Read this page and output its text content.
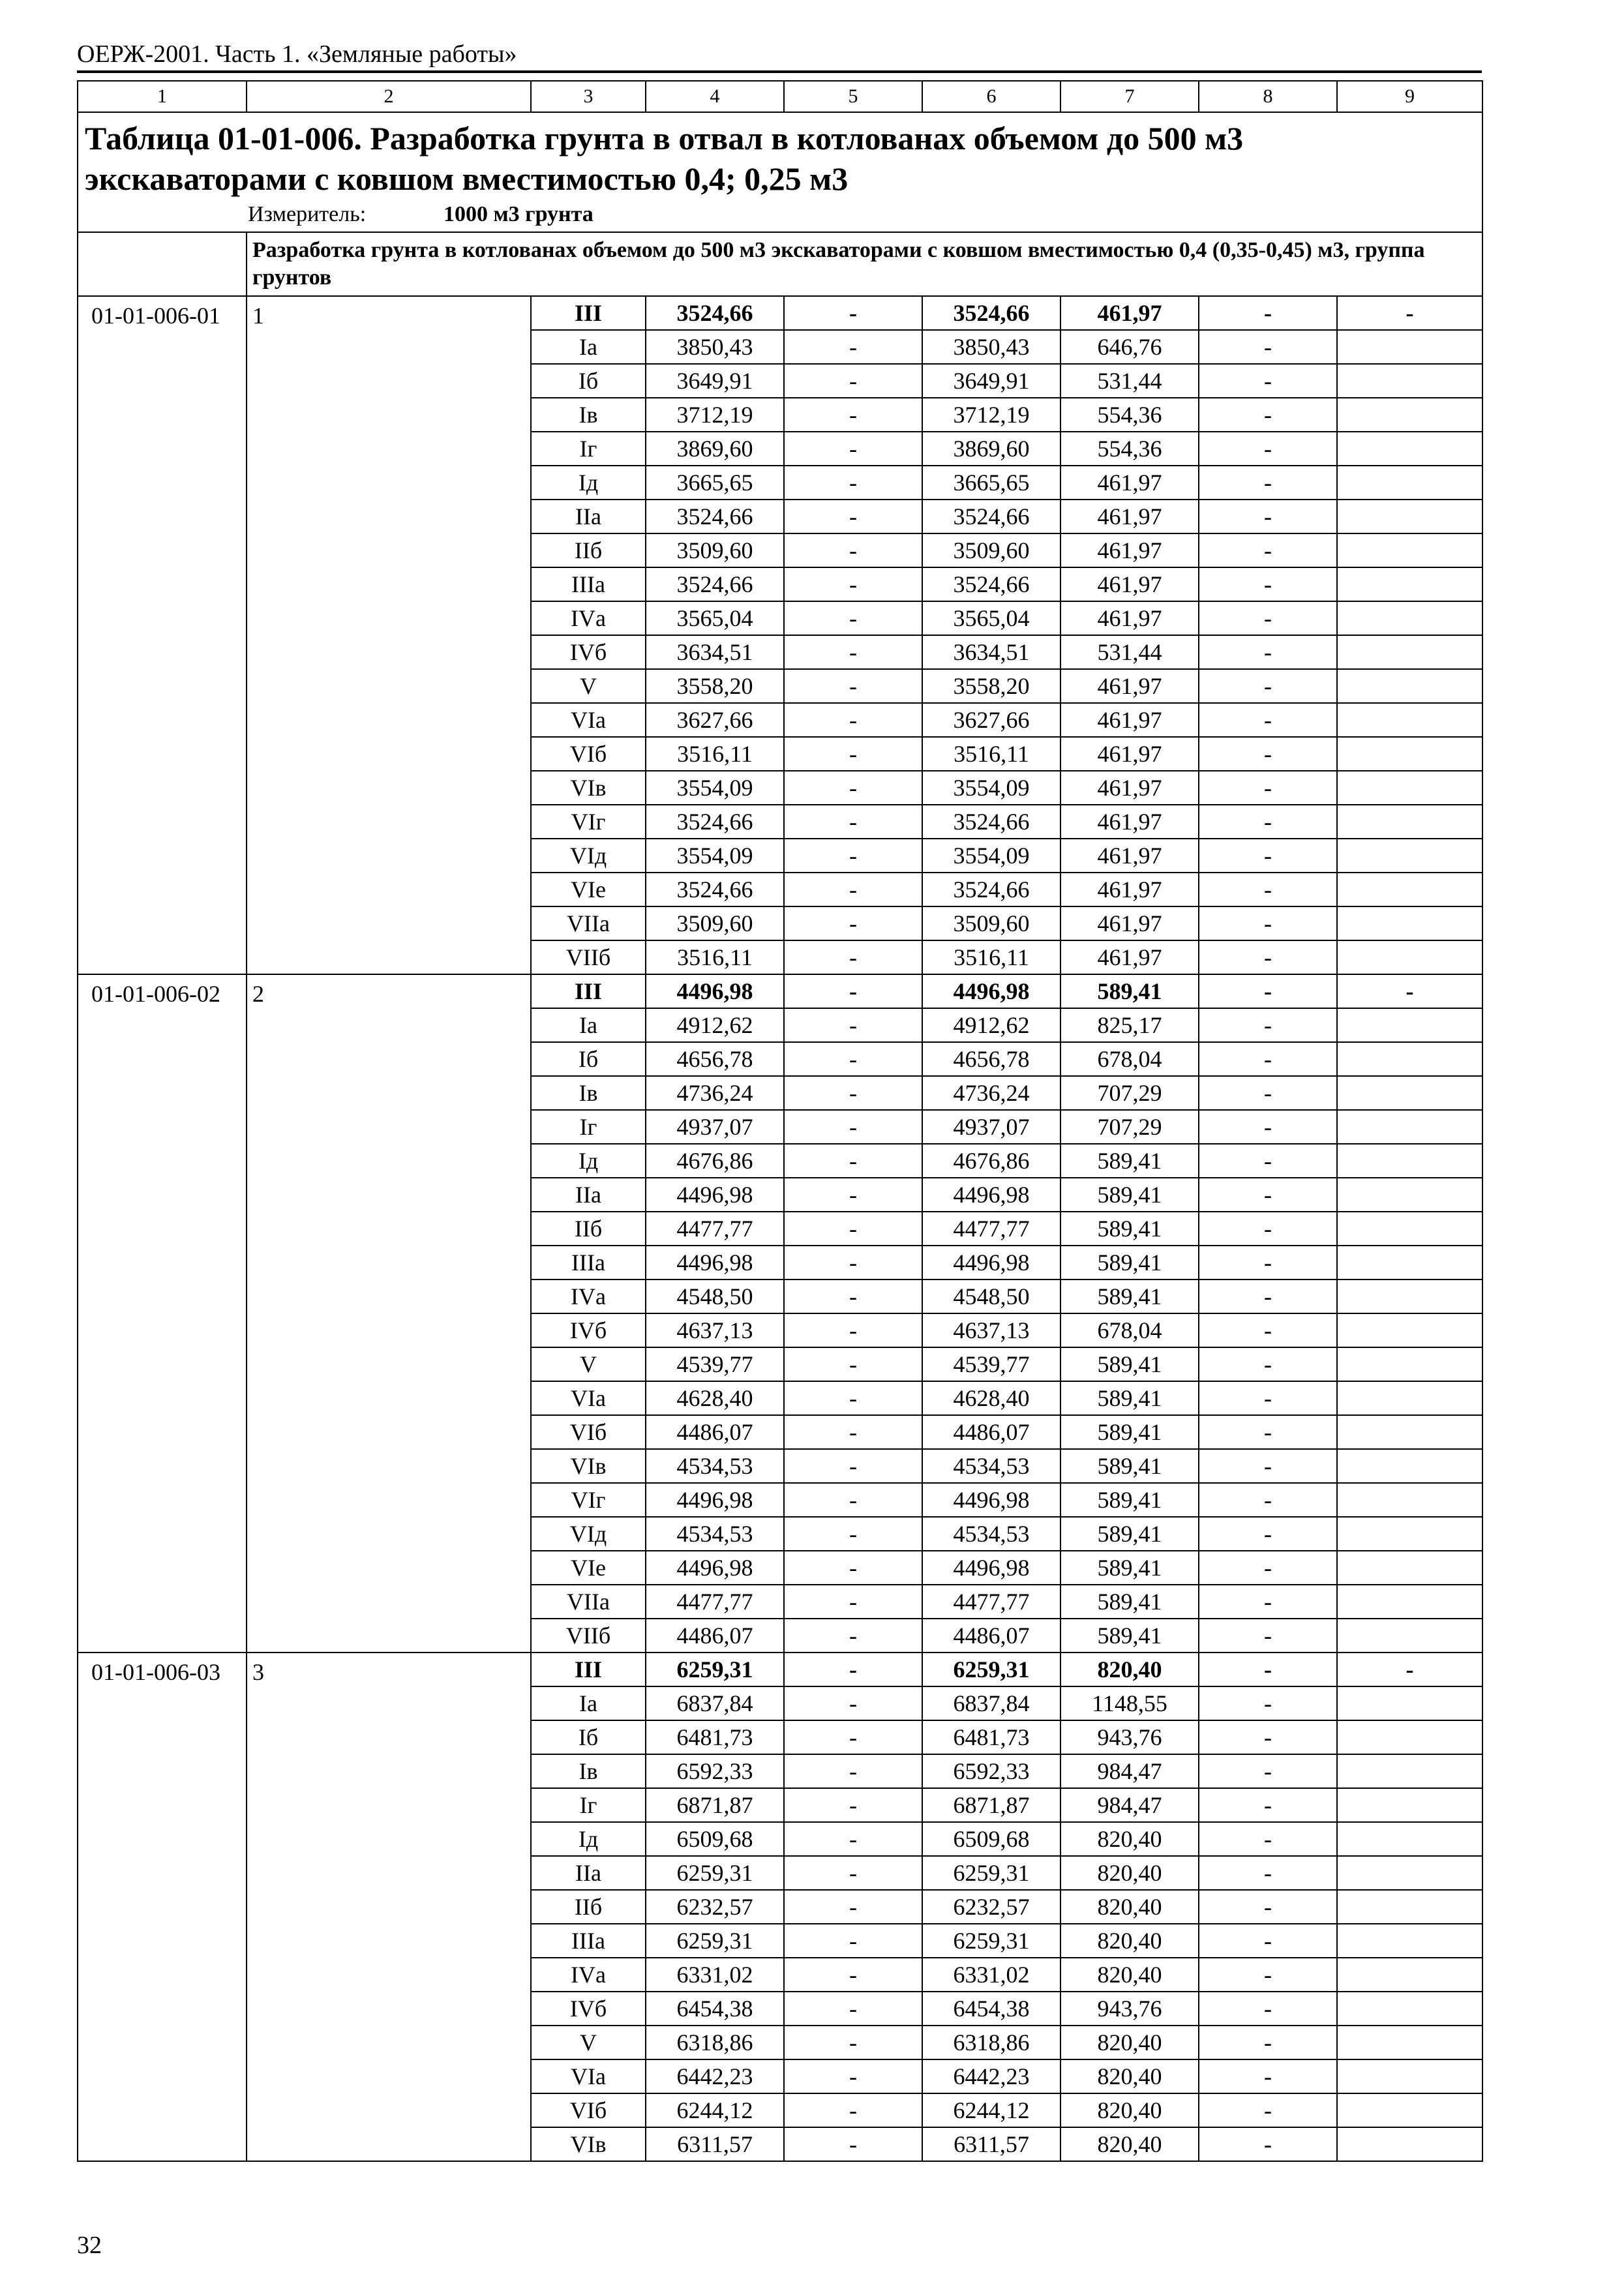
ОЕРЖ-2001. Часть 1. «Земляные работы»
1	2	3	4	5	6	7	8	9

Таблица 01-01-006. Разработка грунта в отвал в котлованах объемом до 500 м3
экскаваторами с ковшом вместимостью 0,4; 0,25 м3
Измеритель: 1000 м3 грунта								

	Разработка грунта в котлованах объемом до 500 м3 экскаваторами с ковшом вместимостью 0,4 (0,35-0,45) м3, группа грунтов							
01-01-006-01	1	III	3524,66	-	3524,66	461,97	-	-
		Iа	3850,43	-	3850,43	646,76	-	
		Iб	3649,91	-	3649,91	531,44	-	
		Iв	3712,19	-	3712,19	554,36	-	
		Iг	3869,60	-	3869,60	554,36	-	
		Iд	3665,65	-	3665,65	461,97	-	
		IIа	3524,66	-	3524,66	461,97	-	
		IIб	3509,60	-	3509,60	461,97	-	
		IIIа	3524,66	-	3524,66	461,97	-	
		IVа	3565,04	-	3565,04	461,97	-	
		IVб	3634,51	-	3634,51	531,44	-	
		V	3558,20	-	3558,20	461,97	-	
		VIа	3627,66	-	3627,66	461,97	-	
		VIб	3516,11	-	3516,11	461,97	-	
		VIв	3554,09	-	3554,09	461,97	-	
		VIг	3524,66	-	3524,66	461,97	-	
		VIд	3554,09	-	3554,09	461,97	-	
		VIе	3524,66	-	3524,66	461,97	-	
		VIIа	3509,60	-	3509,60	461,97	-	
		VIIб	3516,11	-	3516,11	461,97	-	
01-01-006-02	2	III	4496,98	-	4496,98	589,41	-	-
		Iа	4912,62	-	4912,62	825,17	-	
		Iб	4656,78	-	4656,78	678,04	-	
		Iв	4736,24	-	4736,24	707,29	-	
		Iг	4937,07	-	4937,07	707,29	-	
		Iд	4676,86	-	4676,86	589,41	-	
		IIа	4496,98	-	4496,98	589,41	-	
		IIб	4477,77	-	4477,77	589,41	-	
		IIIа	4496,98	-	4496,98	589,41	-	
		IVа	4548,50	-	4548,50	589,41	-	
		IVб	4637,13	-	4637,13	678,04	-	
		V	4539,77	-	4539,77	589,41	-	
		VIа	4628,40	-	4628,40	589,41	-	
		VIб	4486,07	-	4486,07	589,41	-	
		VIв	4534,53	-	4534,53	589,41	-	
		VIг	4496,98	-	4496,98	589,41	-	
		VIд	4534,53	-	4534,53	589,41	-	
		VIе	4496,98	-	4496,98	589,41	-	
		VIIа	4477,77	-	4477,77	589,41	-	
		VIIб	4486,07	-	4486,07	589,41	-	
01-01-006-03	3	III	6259,31	-	6259,31	820,40	-	-
		Iа	6837,84	-	6837,84	1148,55	-	
		Iб	6481,73	-	6481,73	943,76	-	
		Iв	6592,33	-	6592,33	984,47	-	
		Iг	6871,87	-	6871,87	984,47	-	
		Iд	6509,68	-	6509,68	820,40	-	
		IIа	6259,31	-	6259,31	820,40	-	
		IIб	6232,57	-	6232,57	820,40	-	
		IIIа	6259,31	-	6259,31	820,40	-	
		IVа	6331,02	-	6331,02	820,40	-	
		IVб	6454,38	-	6454,38	943,76	-	
		V	6318,86	-	6318,86	820,40	-	
		VIа	6442,23	-	6442,23	820,40	-	
		VIб	6244,12	-	6244,12	820,40	-	
		VIв	6311,57	-	6311,57	820,40	-	
32
